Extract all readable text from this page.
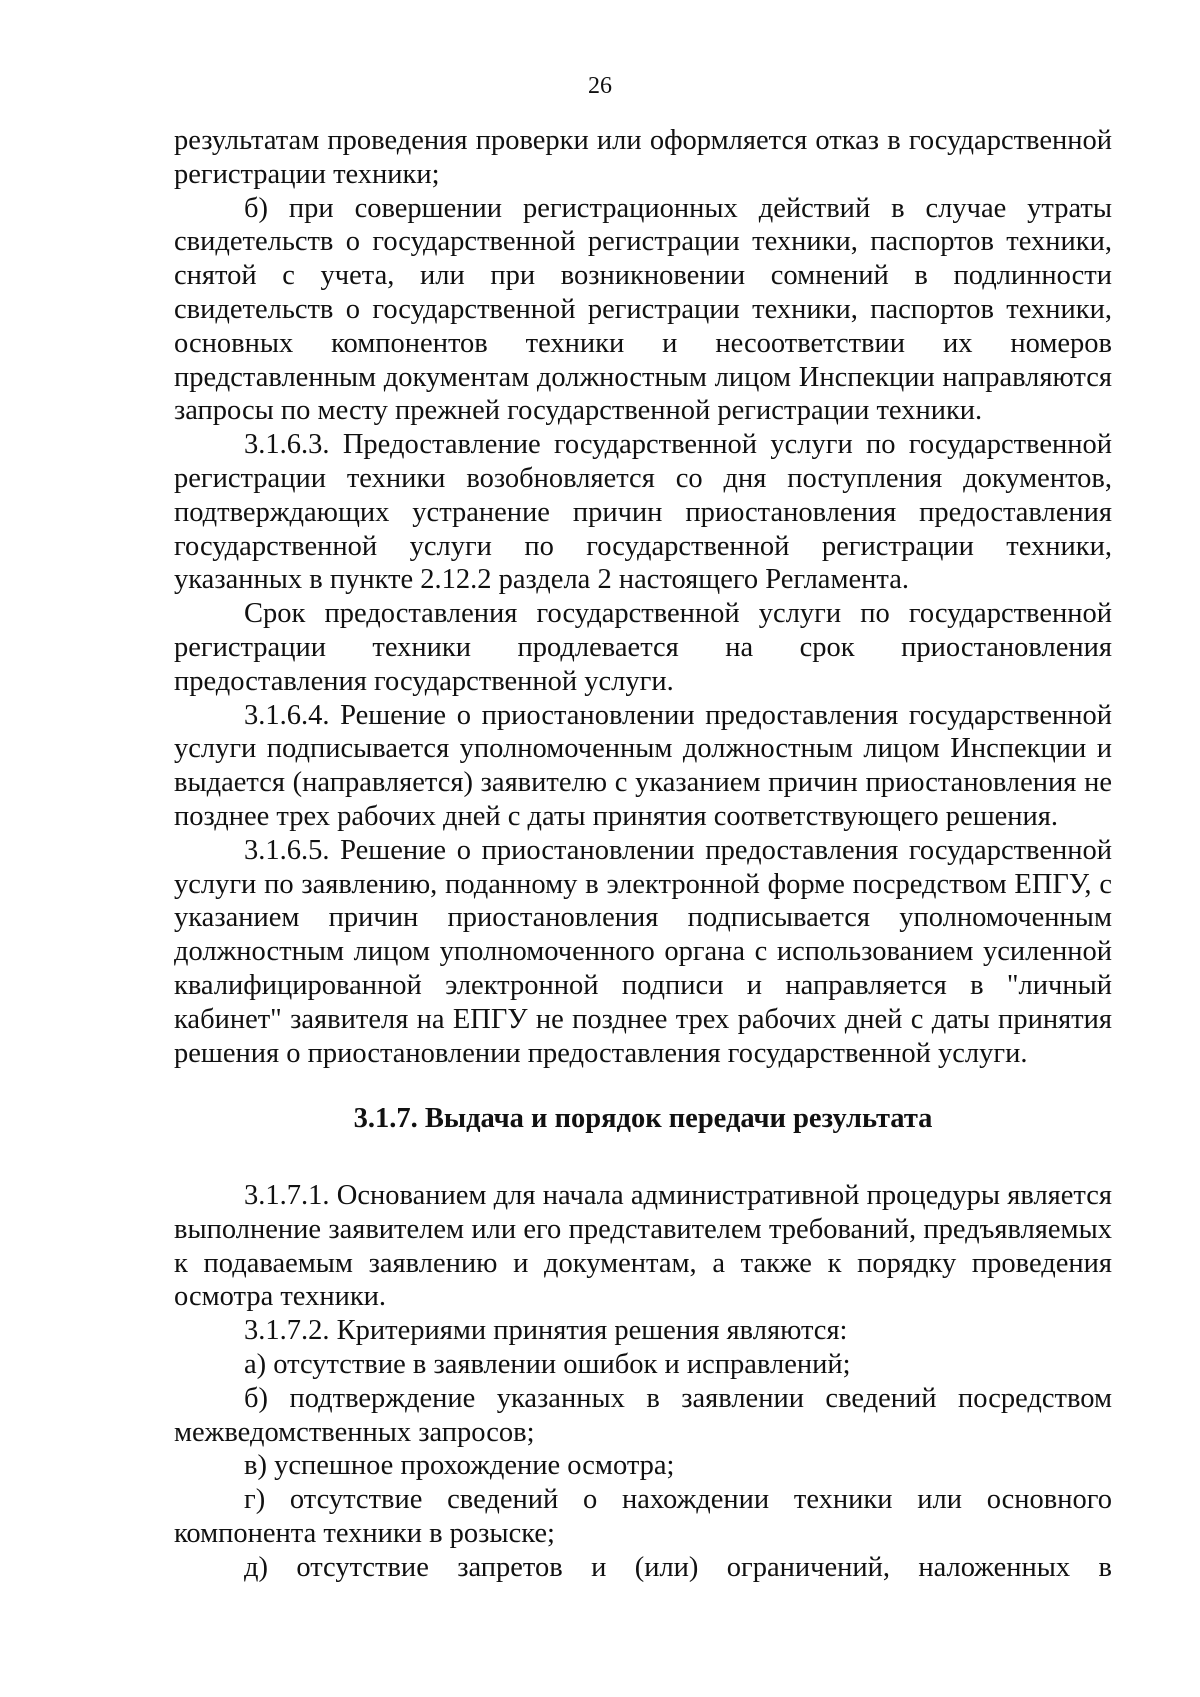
26

результатам проведения проверки или оформляется отказ в государственной регистрации техники;

б) при совершении регистрационных действий в случае утраты свидетельств о государственной регистрации техники, паспортов техники, снятой с учета, или при возникновении сомнений в подлинности свидетельств о государственной регистрации техники, паспортов техники, основных компонентов техники и несоответствии их номеров представленным документам должностным лицом Инспекции направляются запросы по месту прежней государственной регистрации техники.

3.1.6.3. Предоставление государственной услуги по государственной регистрации техники возобновляется со дня поступления документов, подтверждающих устранение причин приостановления предоставления государственной услуги по государственной регистрации техники, указанных в пункте 2.12.2 раздела 2 настоящего Регламента.

Срок предоставления государственной услуги по государственной регистрации техники продлевается на срок приостановления предоставления государственной услуги.

3.1.6.4. Решение о приостановлении предоставления государственной услуги подписывается уполномоченным должностным лицом Инспекции и выдается (направляется) заявителю с указанием причин приостановления не позднее трех рабочих дней с даты принятия соответствующего решения.

3.1.6.5. Решение о приостановлении предоставления государственной услуги по заявлению, поданному в электронной форме посредством ЕПГУ, с указанием причин приостановления подписывается уполномоченным должностным лицом уполномоченного органа с использованием усиленной квалифицированной электронной подписи и направляется в "личный кабинет" заявителя на ЕПГУ не позднее трех рабочих дней с даты принятия решения о приостановлении предоставления государственной услуги.

3.1.7. Выдача и порядок передачи результата

3.1.7.1. Основанием для начала административной процедуры является выполнение заявителем или его представителем требований, предъявляемых к подаваемым заявлению и документам, а также к порядку проведения осмотра техники.

3.1.7.2. Критериями принятия решения являются:

а) отсутствие в заявлении ошибок и исправлений;

б) подтверждение указанных в заявлении сведений посредством межведомственных запросов;

в) успешное прохождение осмотра;

г) отсутствие сведений о нахождении техники или основного компонента техники в розыске;

д) отсутствие запретов и (или) ограничений, наложенных в
